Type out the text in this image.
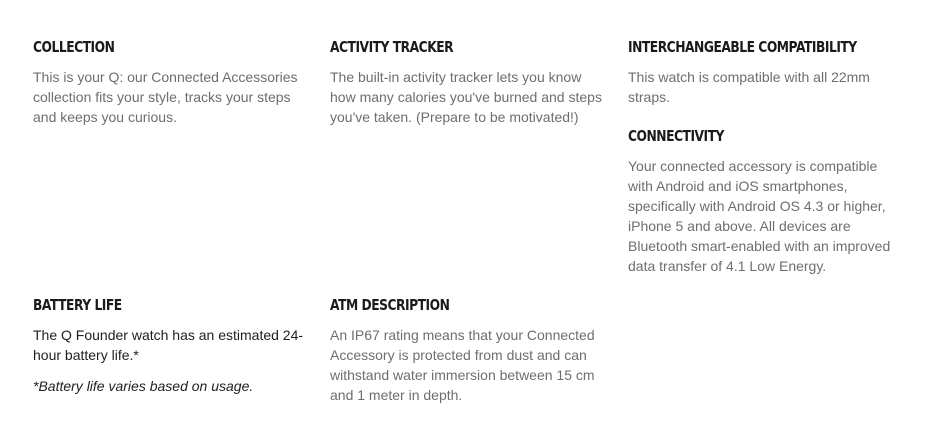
COLLECTION

This is your Q: our Connected Accessories collection fits your style, tracks your steps and keeps you curious.

ACTIVITY TRACKER

The built-in activity tracker lets you know how many calories you've burned and steps you've taken. (Prepare to be motivated!)

INTERCHANGEABLE COMPATIBILITY

This watch is compatible with all 22mm straps.

CONNECTIVITY

Your connected accessory is compatible with Android and iOS smartphones, specifically with Android OS 4.3 or higher, iPhone 5 and above. All devices are Bluetooth smart-enabled with an improved data transfer of 4.1 Low Energy.

BATTERY LIFE

The Q Founder watch has an estimated 24-hour battery life.*

*Battery life varies based on usage.

ATM DESCRIPTION

An IP67 rating means that your Connected Accessory is protected from dust and can withstand water immersion between 15 cm and 1 meter in depth.
